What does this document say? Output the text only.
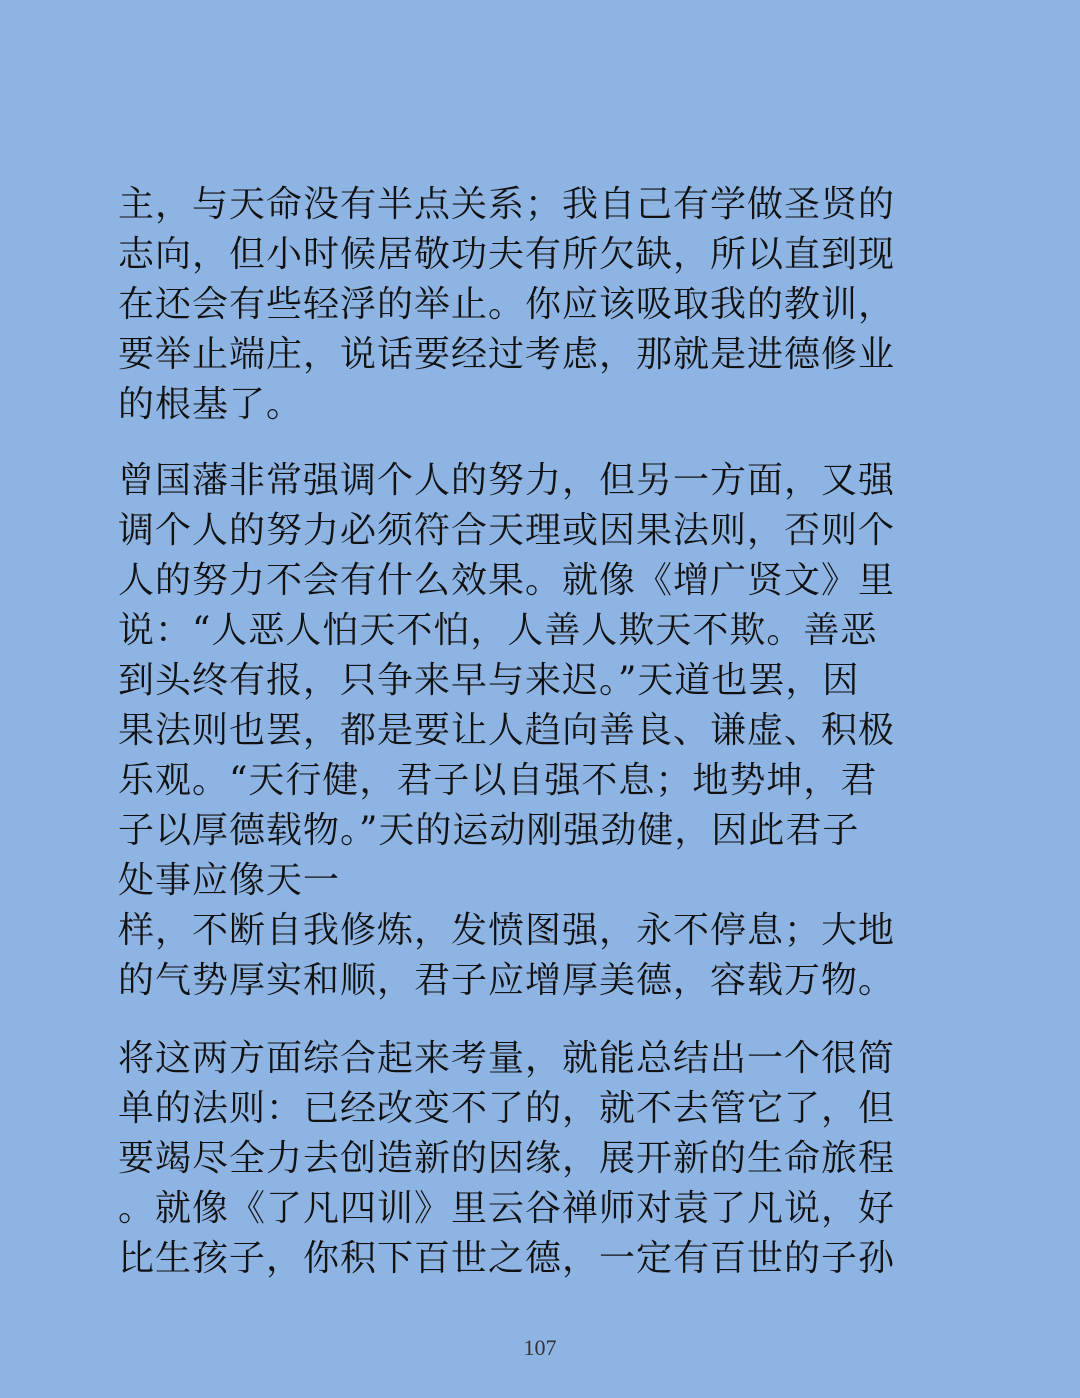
主，与天命没有半点关系；我自己有学做圣贤的
志向，但小时候居敬功夫有所欠缺，所以直到现
在还会有些轻浮的举止。你应该吸取我的教训，
要举止端庄，说话要经过考虑，那就是进德修业
的根基了。
曾国藩非常强调个人的努力，但另一方面，又强
调个人的努力必须符合天理或因果法则，否则个
人的努力不会有什么效果。就像《增广贤文》里
说：“人恶人怕天不怕，人善人欺天不欺。善恶
到头终有报，只争来早与来迟。”天道也罢，因
果法则也罢，都是要让人趋向善良、谦虚、积极
乐观。“天行健，君子以自强不息；地势坤，君
子以厚德载物。”天的运动刚强劲健，因此君子
处事应像天一
样，不断自我修炼，发愤图强，永不停息；大地
的气势厚实和顺，君子应增厚美德，容载万物。
将这两方面综合起来考量，就能总结出一个很简
单的法则：已经改变不了的，就不去管它了，但
要竭尽全力去创造新的因缘，展开新的生命旅程
。就像《了凡四训》里云谷禅师对袁了凡说，好
比生孩子，你积下百世之德，一定有百世的子孙
107
